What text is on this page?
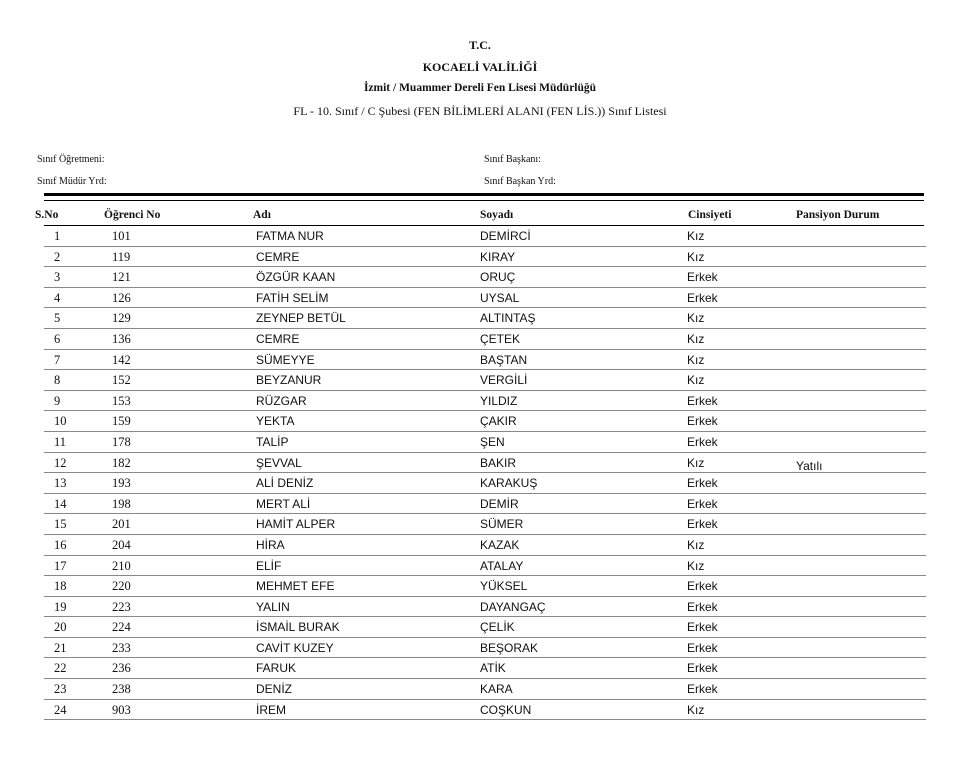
T.C.
KOCAELİ VALİLİĞİ
İzmit / Muammer Dereli Fen Lisesi Müdürlüğü
FL - 10. Sınıf / C Şubesi (FEN BİLİMLERİ ALANI (FEN LİS.)) Sınıf Listesi
Sınıf Öğretmeni:
Sınıf Müdür Yrd:
Sınıf Başkanı:
Sınıf Başkan Yrd:
S.No	Öğrenci No	Adı	Soyadı	Cinsiyeti	Pansiyon Durum
1	101	FATMA NUR	DEMİRCİ	Kız
2	119	CEMRE	KIRAY	Kız
3	121	ÖZGÜR KAAN	ORUÇ	Erkek
4	126	FATİH SELİM	UYSAL	Erkek
5	129	ZEYNEP BETÜL	ALTINTAŞ	Kız
6	136	CEMRE	ÇETEK	Kız
7	142	SÜMEYYE	BAŞTAN	Kız
8	152	BEYZANUR	VERGİLİ	Kız
9	153	RÜZGAR	YILDIZ	Erkek
10	159	YEKTA	ÇAKIR	Erkek
11	178	TALİP	ŞEN	Erkek
12	182	ŞEVVAL	BAKIR	Kız	Yatılı
13	193	ALİ DENİZ	KARAKUŞ	Erkek
14	198	MERT ALİ	DEMİR	Erkek
15	201	HAMİT ALPER	SÜMER	Erkek
16	204	HİRA	KAZAK	Kız
17	210	ELİF	ATALAY	Kız
18	220	MEHMET EFE	YÜKSEL	Erkek
19	223	YALIN	DAYANGAÇ	Erkek
20	224	İSMAİL BURAK	ÇELİK	Erkek
21	233	CAVİT KUZEY	BEŞORAK	Erkek
22	236	FARUK	ATİK	Erkek
23	238	DENİZ	KARA	Erkek
24	903	İREM	COŞKUN	Kız
